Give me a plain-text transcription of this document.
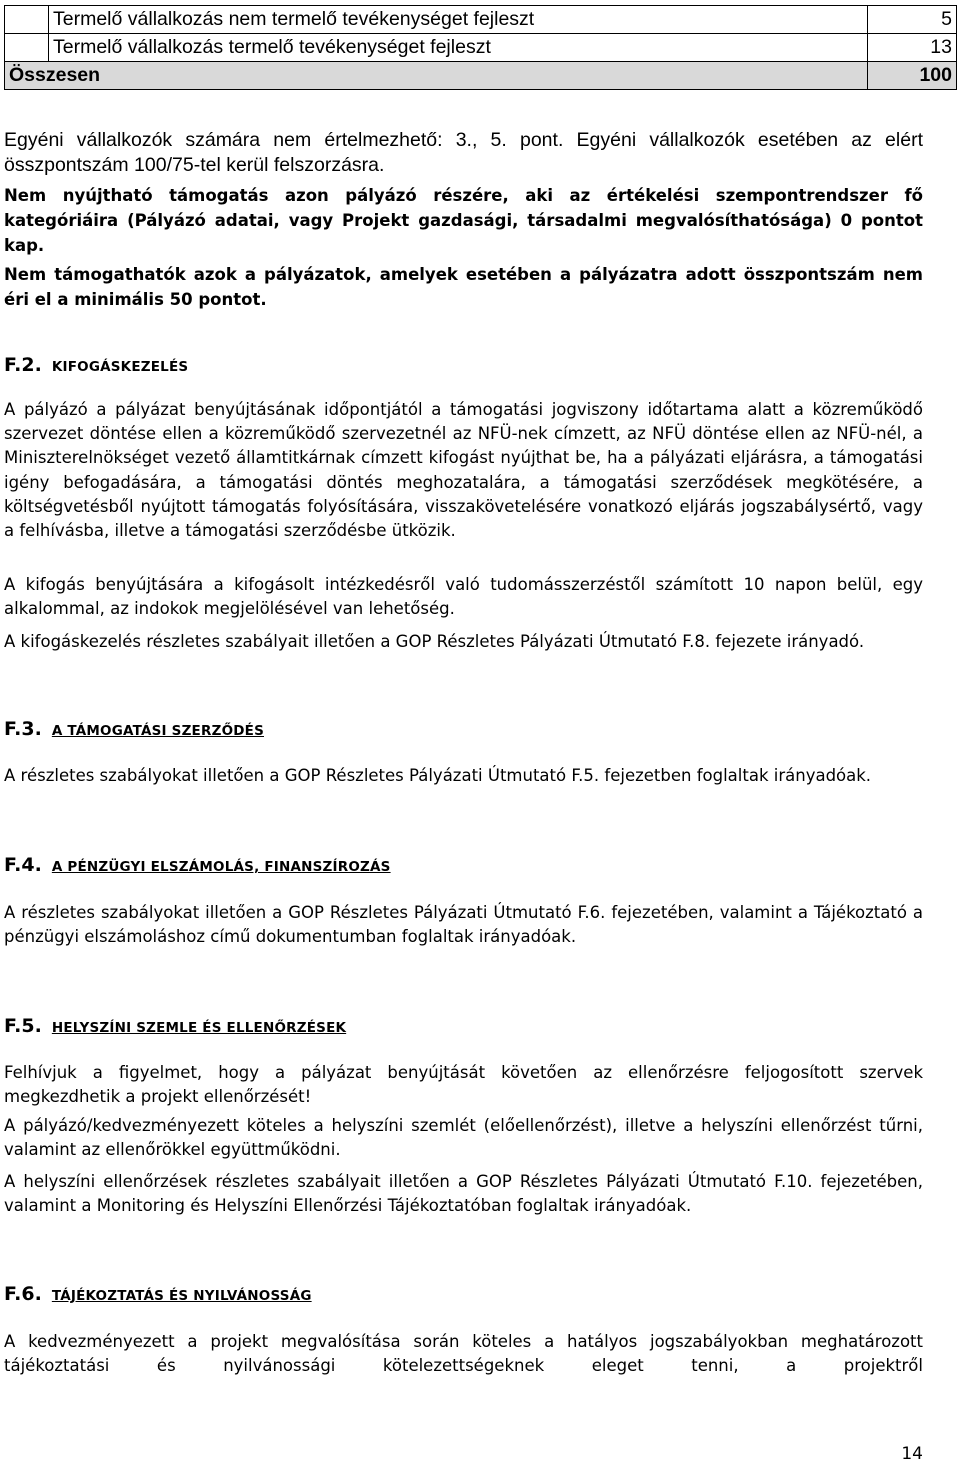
	Termelő vállalkozás nem termelő tevékenységet fejleszt	5
	Termelő vállalkozás termelő tevékenységet fejleszt	13
Összesen		100
Egyéni vállalkozók számára nem értelmezhető: 3., 5. pont. Egyéni vállalkozók esetében az elért összpontszám 100/75-tel kerül felszorzásra.
Nem nyújtható támogatás azon pályázó részére, aki az értékelési szempontrendszer fő kategóriáira (Pályázó adatai, vagy Projekt gazdasági, társadalmi megvalósíthatósága) 0 pontot kap.
Nem támogathatók azok a pályázatok, amelyek esetében a pályázatra adott összpontszám nem éri el a minimális 50 pontot.
F.2. KIFOGÁSKEZELÉS
A pályázó a pályázat benyújtásának időpontjától a támogatási jogviszony időtartama alatt a közreműködő szervezet döntése ellen a közreműködő szervezetnél az NFÜ-nek címzett, az NFÜ döntése ellen az NFÜ-nél, a Miniszterelnökséget vezető államtitkárnak címzett kifogást nyújthat be, ha a pályázati eljárásra, a támogatási igény befogadására, a támogatási döntés meghozatalára, a támogatási szerződések megkötésére, a költségvetésből nyújtott támogatás folyósítására, visszakövetelésére vonatkozó eljárás jogszabálysértő, vagy a felhívásba, illetve a támogatási szerződésbe ütközik.
A kifogás benyújtására a kifogásolt intézkedésről való tudomásszerzéstől számított 10 napon belül, egy alkalommal, az indokok megjelölésével van lehetőség.
A kifogáskezelés részletes szabályait illetően a GOP Részletes Pályázati Útmutató F.8. fejezete irányadó.
F.3. A TÁMOGATÁSI SZERZŐDÉS
A részletes szabályokat illetően a GOP Részletes Pályázati Útmutató F.5. fejezetben foglaltak irányadóak.
F.4. A PÉNZÜGYI ELSZÁMOLÁS, FINANSZÍROZÁS
A részletes szabályokat illetően a GOP Részletes Pályázati Útmutató F.6. fejezetében, valamint a Tájékoztató a pénzügyi elszámoláshoz című dokumentumban foglaltak irányadóak.
F.5. HELYSZÍNI SZEMLE ÉS ELLENŐRZÉSEK
Felhívjuk a figyelmet, hogy a pályázat benyújtását követően az ellenőrzésre feljogosított szervek megkezdhetik a projekt ellenőrzését!
A pályázó/kedvezményezett köteles a helyszíni szemlét (előellenőrzést), illetve a helyszíni ellenőrzést tűrni, valamint az ellenőrökkel együttműködni.
A helyszíni ellenőrzések részletes szabályait illetően a GOP Részletes Pályázati Útmutató F.10. fejezetében, valamint a Monitoring és Helyszíni Ellenőrzési Tájékoztatóban foglaltak irányadóak.
F.6. TÁJÉKOZTATÁS ÉS NYILVÁNOSSÁG
A kedvezményezett a projekt megvalósítása során köteles a hatályos jogszabályokban meghatározott tájékoztatási és nyilvánossági kötelezettségeknek eleget tenni, a projektről
14
